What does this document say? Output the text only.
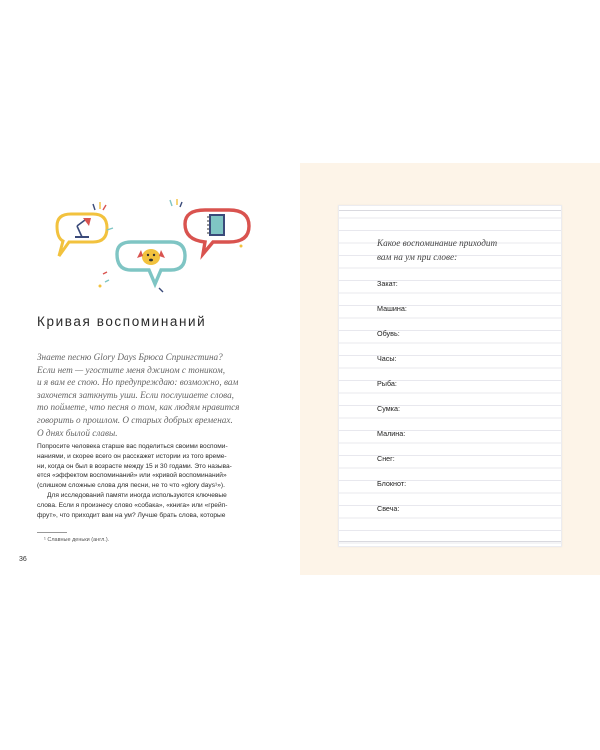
Кривая воспоминаний

Знаете песню Glory Days Брюса Спрингстина?

Если нет — угостите меня джином с тоником,

и я вам ее спою. Но предупреждаю: возможно, вам

захочется заткнуть уши. Если послушаете слова,

то поймете, что песня о том, как людям нравится

говорить о прошлом. О старых добрых временах.

О днях былой славы.

Попросите человека старше вас поделиться своими воспоми-

наниями, и скорее всего он расскажет истории из того време-

ни, когда он был в возрасте между 15 и 30 годами. Это называ-

ется «эффектом воспоминаний» или «кривой воспоминаний»

(слишком сложные слова для песни, не то что «glory days¹»).

Для исследований памяти иногда используются ключевые

слова. Если я произнесу слово «собака», «книга» или «грейп-

фрут», что приходит вам на ум? Лучше брать слова, которые

¹ Славные деньки (англ.).
36
Какое воспоминание приходит
вам на ум при слове:
Закат:
Машина:
Обувь:
Часы:
Рыба:
Сумка:
Малина:
Снег:
Блокнот:
Свеча:
